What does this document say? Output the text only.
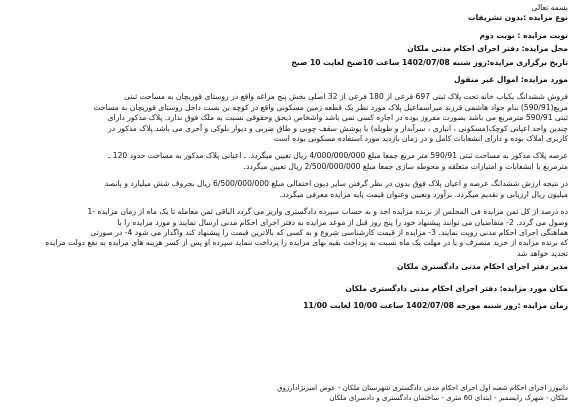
بسمه تعالی
نوع مزایده :بدون تشریفات
نوبت مزایده : نوبت دوم
محل مزایده: دفتر اجرای احکام مدنی ملکان
تاریخ برگزاری مزایده:روز شنبه 1402/07/08 ساعت 10صبح لغایت 10 صبح
مورد مزایده: اموال غیر منقول
فروش ششدانگ یکباب خانه تحت پلاک ثبتی 697 فرعی از 180 فرعی از 32 اصلی بخش پنج مراغه واقع در روستای قوریچان به مساحت ثبتی
مربع(590/91) بنام جواد هاشمی فرزند میراسماعیل پلاک مورد نظر یک قطعه زمین مسکونی واقع در کوچه بن بست داخل روستای قوریچان به مساحت
ثبتی 590/91 مترمربع می باشد بصورت مفروز بوده در اجاره کسی نمی باشد واشخاص ذیحق وحقوقی نسبت به ملک فوق ندارد. پلاک مذکور دارای
چندین واحد اعیانی کوچک(مسکونی ، انباری ، سرآبدار و طویله) با پوشش سقف چوبی و طاق ضربی و دیوار بلوکی و آجری می باشد.پلاک مذکور در
کاربری املاک بوده و دارای انشعابات کامل و در زمان بازدید مورد استفاده مسکونی بوده است
عرصه پلاک مذکور به مساحت ثبتی 590/91 متر مربع جمعا مبلغ 4/000/000/000 ریال تعیین میگردد. ـ اعیانی پلاک مذکور به مساحت حدود 120 ـ
مترمربع با انشعابات و امتیازات متعلقه و محوطه سازی جمعا مبلغ 2/500/000/000 ریال تعیین میگردد.
در نتیجه ارزش ششدانگ عرصه و اعیان پلاک فوق بدون در نظر گرفتن سایر دیون احتمالی مبلغ 6/500/000/000 ریال بحروف شش میلیارد و پانصد
میلیون ریال ارزیابی و تقدیم میگردد. برآورد وتعیین وعنوان قیمت پایه مزایده معرفی میگردد.
ده درصد از کل ثمن مزایده فی المجلس از برنده مزایده اخذ و به حساب سپرده دادگستری واریز می گردد الباقی ثمن معامله تا یک ماه از زمان مزایده -1
وصول می گردد. 2- متقاضیان می توانند پیشنهاد خود را پنج روز قبل از موعد مزایده به دفتر اجرای احکام مدنی ارسال نمایند و مورد مزایده را با
هماهنگی اجرای احکام مدنی رویت نمایند. 3- مزایده از قیمت کارشناسی شروع و به کسی که بالاترین قیمت را پیشنهاد کند واگذار می شود 4- در صورتی
که برنده مزایده از خرید منصرف و یا در مهلت یک ماه نسبت به پرداخت بقیه بهای مزایده را پرداخت ننماید سپرده او پس از کسر هزینه های مزایده به نفع دولت مزایده
تجدید خواهد شد
مدیر دفتر اجرای احکام مدنی دادگستری ملکان
مکان مورد مزایده: دفتر اجرای احکام مدنی دادگستری ملکان
زمان مزایده :روز شنبه مورخه 1402/07/08 ساعت 10/00 لغایت 11/00
دانیوزز اجرای احکام شعبه اول اجرای احکام مدنی دادگستری شهرستان ملکان - عوض امیرنژادآرزوق
ملکان - شهرک رایسمبر - ابتدای 60 متری - ساختمان دادگستری و دادسرای ملکان
